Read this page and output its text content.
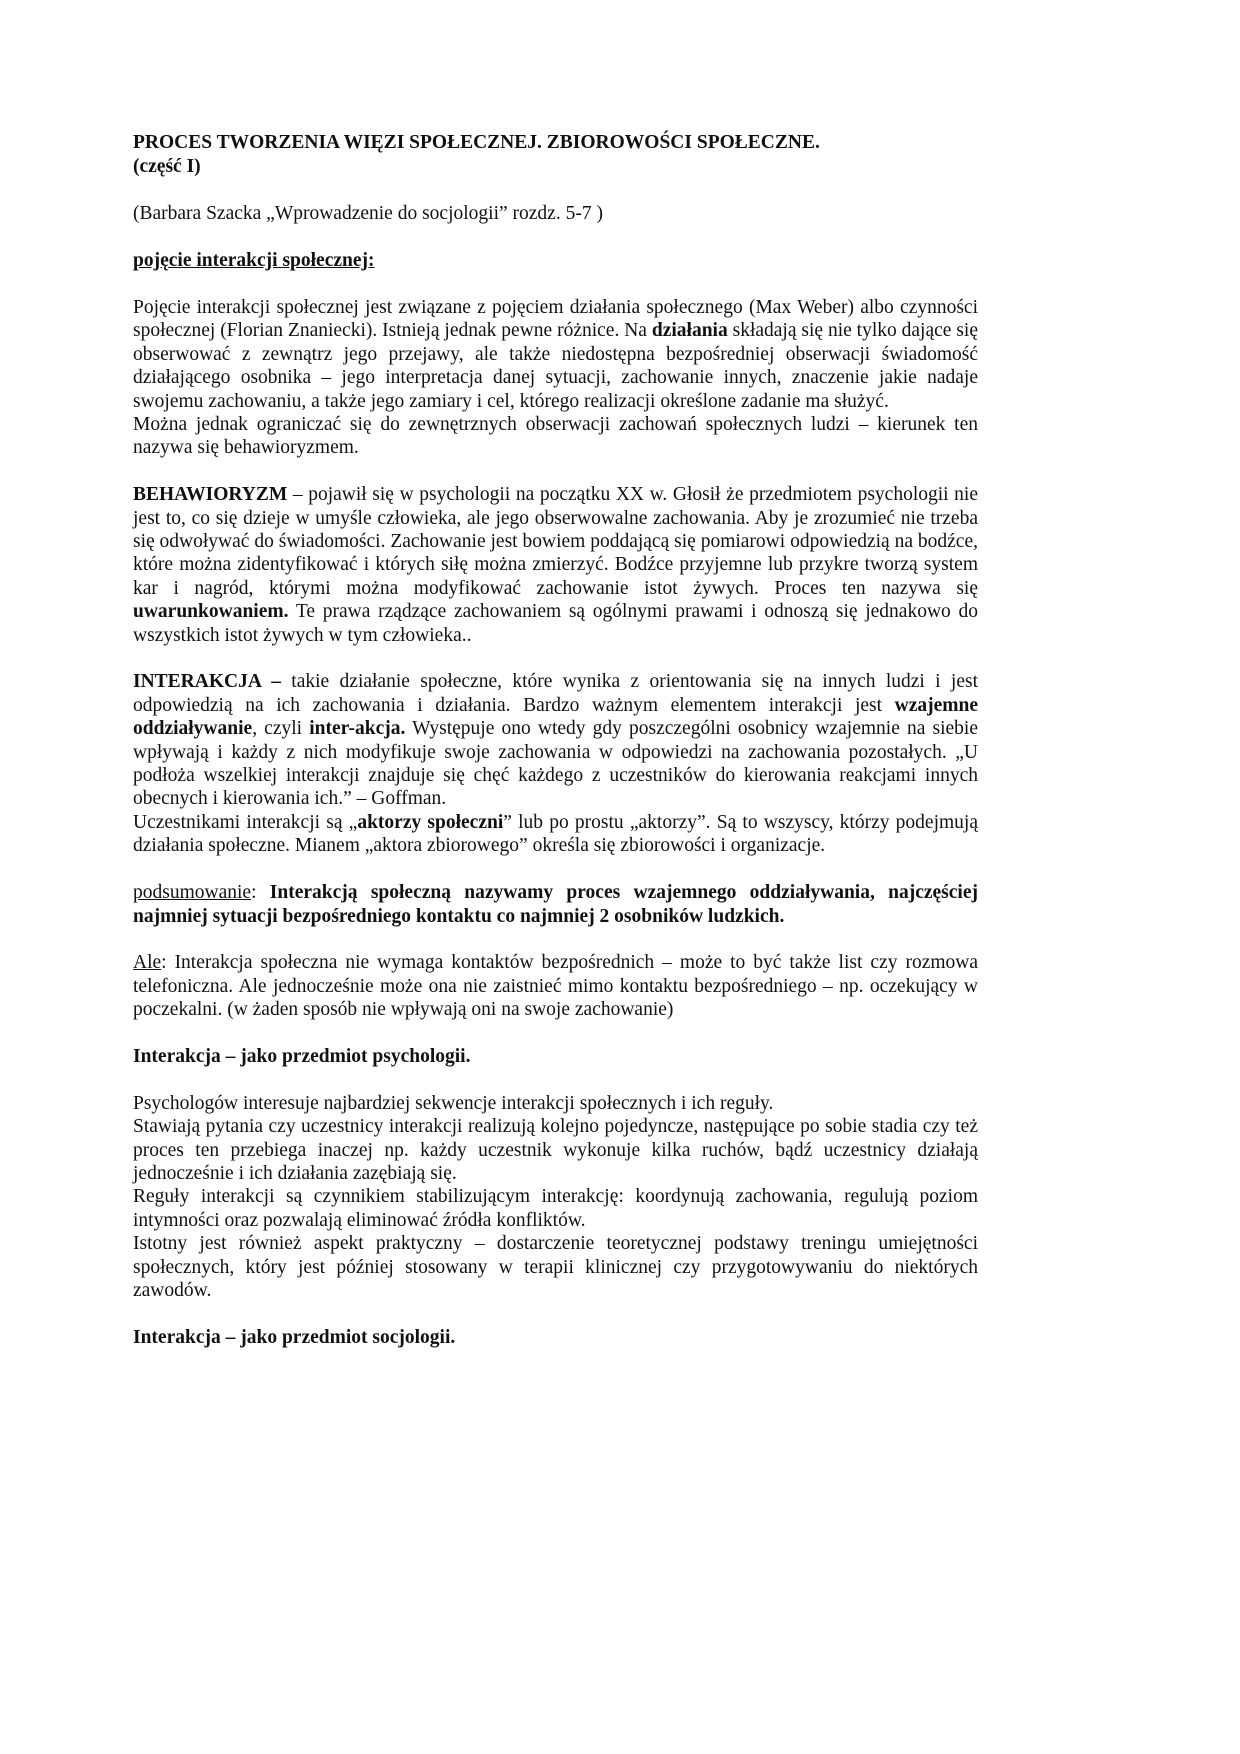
PROCES TWORZENIA WIĘZI SPOŁECZNEJ. ZBIOROWOŚCI SPOŁECZNE.
(część I)

(Barbara Szacka „Wprowadzenie do socjologii” rozdz. 5-7 )

pojęcie interakcji społecznej:

Pojęcie interakcji społecznej jest związane z pojęciem działania społecznego (Max Weber) albo czynności społecznej (Florian Znaniecki). Istnieją jednak pewne różnice. Na działania składają się nie tylko dające się obserwować z zewnątrz jego przejawy, ale także niedostępna bezpośredniej obserwacji świadomość działającego osobnika – jego interpretacja danej sytuacji, zachowanie innych, znaczenie jakie nadaje swojemu zachowaniu, a także jego zamiary i cel, którego realizacji określone zadanie ma służyć.

Można jednak ograniczać się do zewnętrznych obserwacji zachowań społecznych ludzi – kierunek ten nazywa się behawioryzmem.

BEHAWIORYZM – pojawił się w psychologii na początku XX w. Głosił że przedmiotem psychologii nie jest to, co się dzieje w umyśle człowieka, ale jego obserwowalne zachowania. Aby je zrozumieć nie trzeba się odwoływać do świadomości. Zachowanie jest bowiem poddającą się pomiarowi odpowiedzią na bodźce, które można zidentyfikować i których siłę można zmierzyć. Bodźce przyjemne lub przykre tworzą system kar i nagród, którymi można modyfikować zachowanie istot żywych. Proces ten nazywa się uwarunkowaniem. Te prawa rządzące zachowaniem są ogólnymi prawami i odnoszą się jednakowo do wszystkich istot żywych w tym człowieka..

INTERAKCJA – takie działanie społeczne, które wynika z orientowania się na innych ludzi i jest odpowiedzią na ich zachowania i działania. Bardzo ważnym elementem interakcji jest wzajemne oddziaływanie, czyli inter-akcja. Występuje ono wtedy gdy poszczególni osobnicy wzajemnie na siebie wpływają i każdy z nich modyfikuje swoje zachowania w odpowiedzi na zachowania pozostałych. „U podłoża wszelkiej interakcji znajduje się chęć każdego z uczestników do kierowania reakcjami innych obecnych i kierowania ich.” – Goffman.

Uczestnikami interakcji są „aktorzy społeczni” lub po prostu „aktorzy”. Są to wszyscy, którzy podejmują działania społeczne. Mianem „aktora zbiorowego” określa się zbiorowości i organizacje.

podsumowanie: Interakcją społeczną nazywamy proces wzajemnego oddziaływania, najczęściej najmniej sytuacji bezpośredniego kontaktu co najmniej 2 osobników ludzkich.

Ale: Interakcja społeczna nie wymaga kontaktów bezpośrednich – może to być także list czy rozmowa telefoniczna. Ale jednocześnie może ona nie zaistnieć mimo kontaktu bezpośredniego – np. oczekujący w poczekalni. (w żaden sposób nie wpływają oni na swoje zachowanie)

Interakcja – jako przedmiot psychologii.

Psychologów interesuje najbardziej sekwencje interakcji społecznych i ich reguły.

Stawiają pytania czy uczestnicy interakcji realizują kolejno pojedyncze, następujące po sobie stadia czy też proces ten przebiega inaczej np. każdy uczestnik wykonuje kilka ruchów, bądź uczestnicy działają jednocześnie i ich działania zazębiają się.

Reguły interakcji są czynnikiem stabilizującym interakcję: koordynują zachowania, regulują poziom intymności oraz pozwalają eliminować źródła konfliktów.

Istotny jest również aspekt praktyczny – dostarczenie teoretycznej podstawy treningu umiejętności społecznych, który jest później stosowany w terapii klinicznej czy przygotowywaniu do niektórych zawodów.

Interakcja – jako przedmiot socjologii.
